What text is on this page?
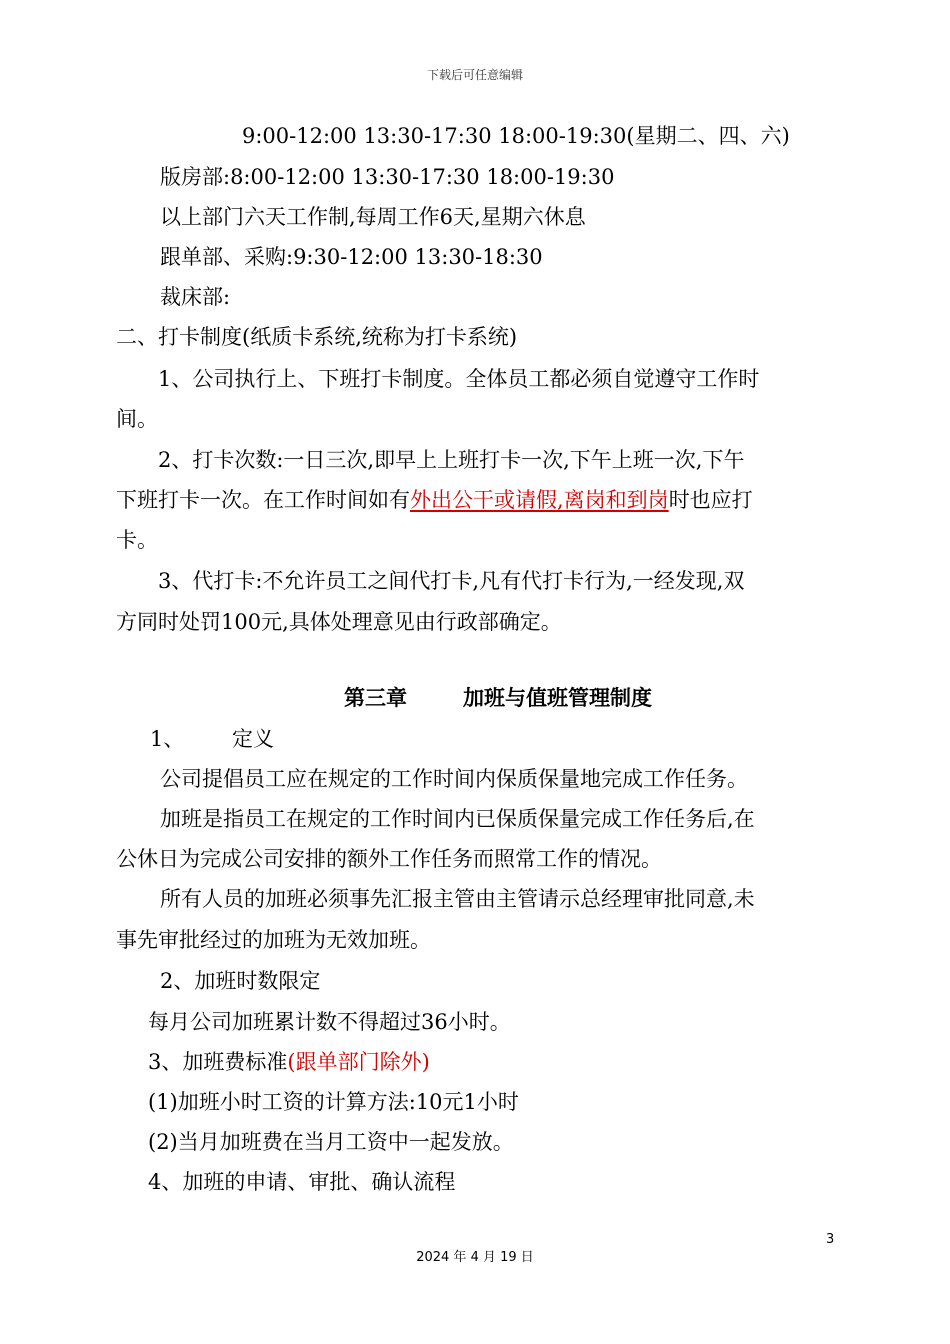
下载后可任意编辑
9:00-12:00 13:30-17:30 18:00-19:30(星期二、四、六)
版房部:8:00-12:00 13:30-17:30 18:00-19:30
以上部门六天工作制,每周工作6天,星期六休息
跟单部、采购:9:30-12:00 13:30-18:30
裁床部:
二、打卡制度(纸质卡系统,统称为打卡系统)
1、公司执行上、下班打卡制度。全体员工都必须自觉遵守工作时
间。
2、打卡次数:一日三次,即早上上班打卡一次,下午上班一次,下午
下班打卡一次。在工作时间如有外出公干或请假,离岗和到岗时也应打
卡。
3、代打卡:不允许员工之间代打卡,凡有代打卡行为,一经发现,双
方同时处罚100元,具体处理意见由行政部确定。
第三章	加班与值班管理制度
1、 定义
公司提倡员工应在规定的工作时间内保质保量地完成工作任务。
加班是指员工在规定的工作时间内已保质保量完成工作任务后,在
公休日为完成公司安排的额外工作任务而照常工作的情况。
所有人员的加班必须事先汇报主管由主管请示总经理审批同意,未
事先审批经过的加班为无效加班。
2、加班时数限定
每月公司加班累计数不得超过36小时。
3、加班费标准(跟单部门除外)
(1)加班小时工资的计算方法:10元1小时
(2)当月加班费在当月工资中一起发放。
4、加班的申请、审批、确认流程
3
2024 年 4 月 19 日
